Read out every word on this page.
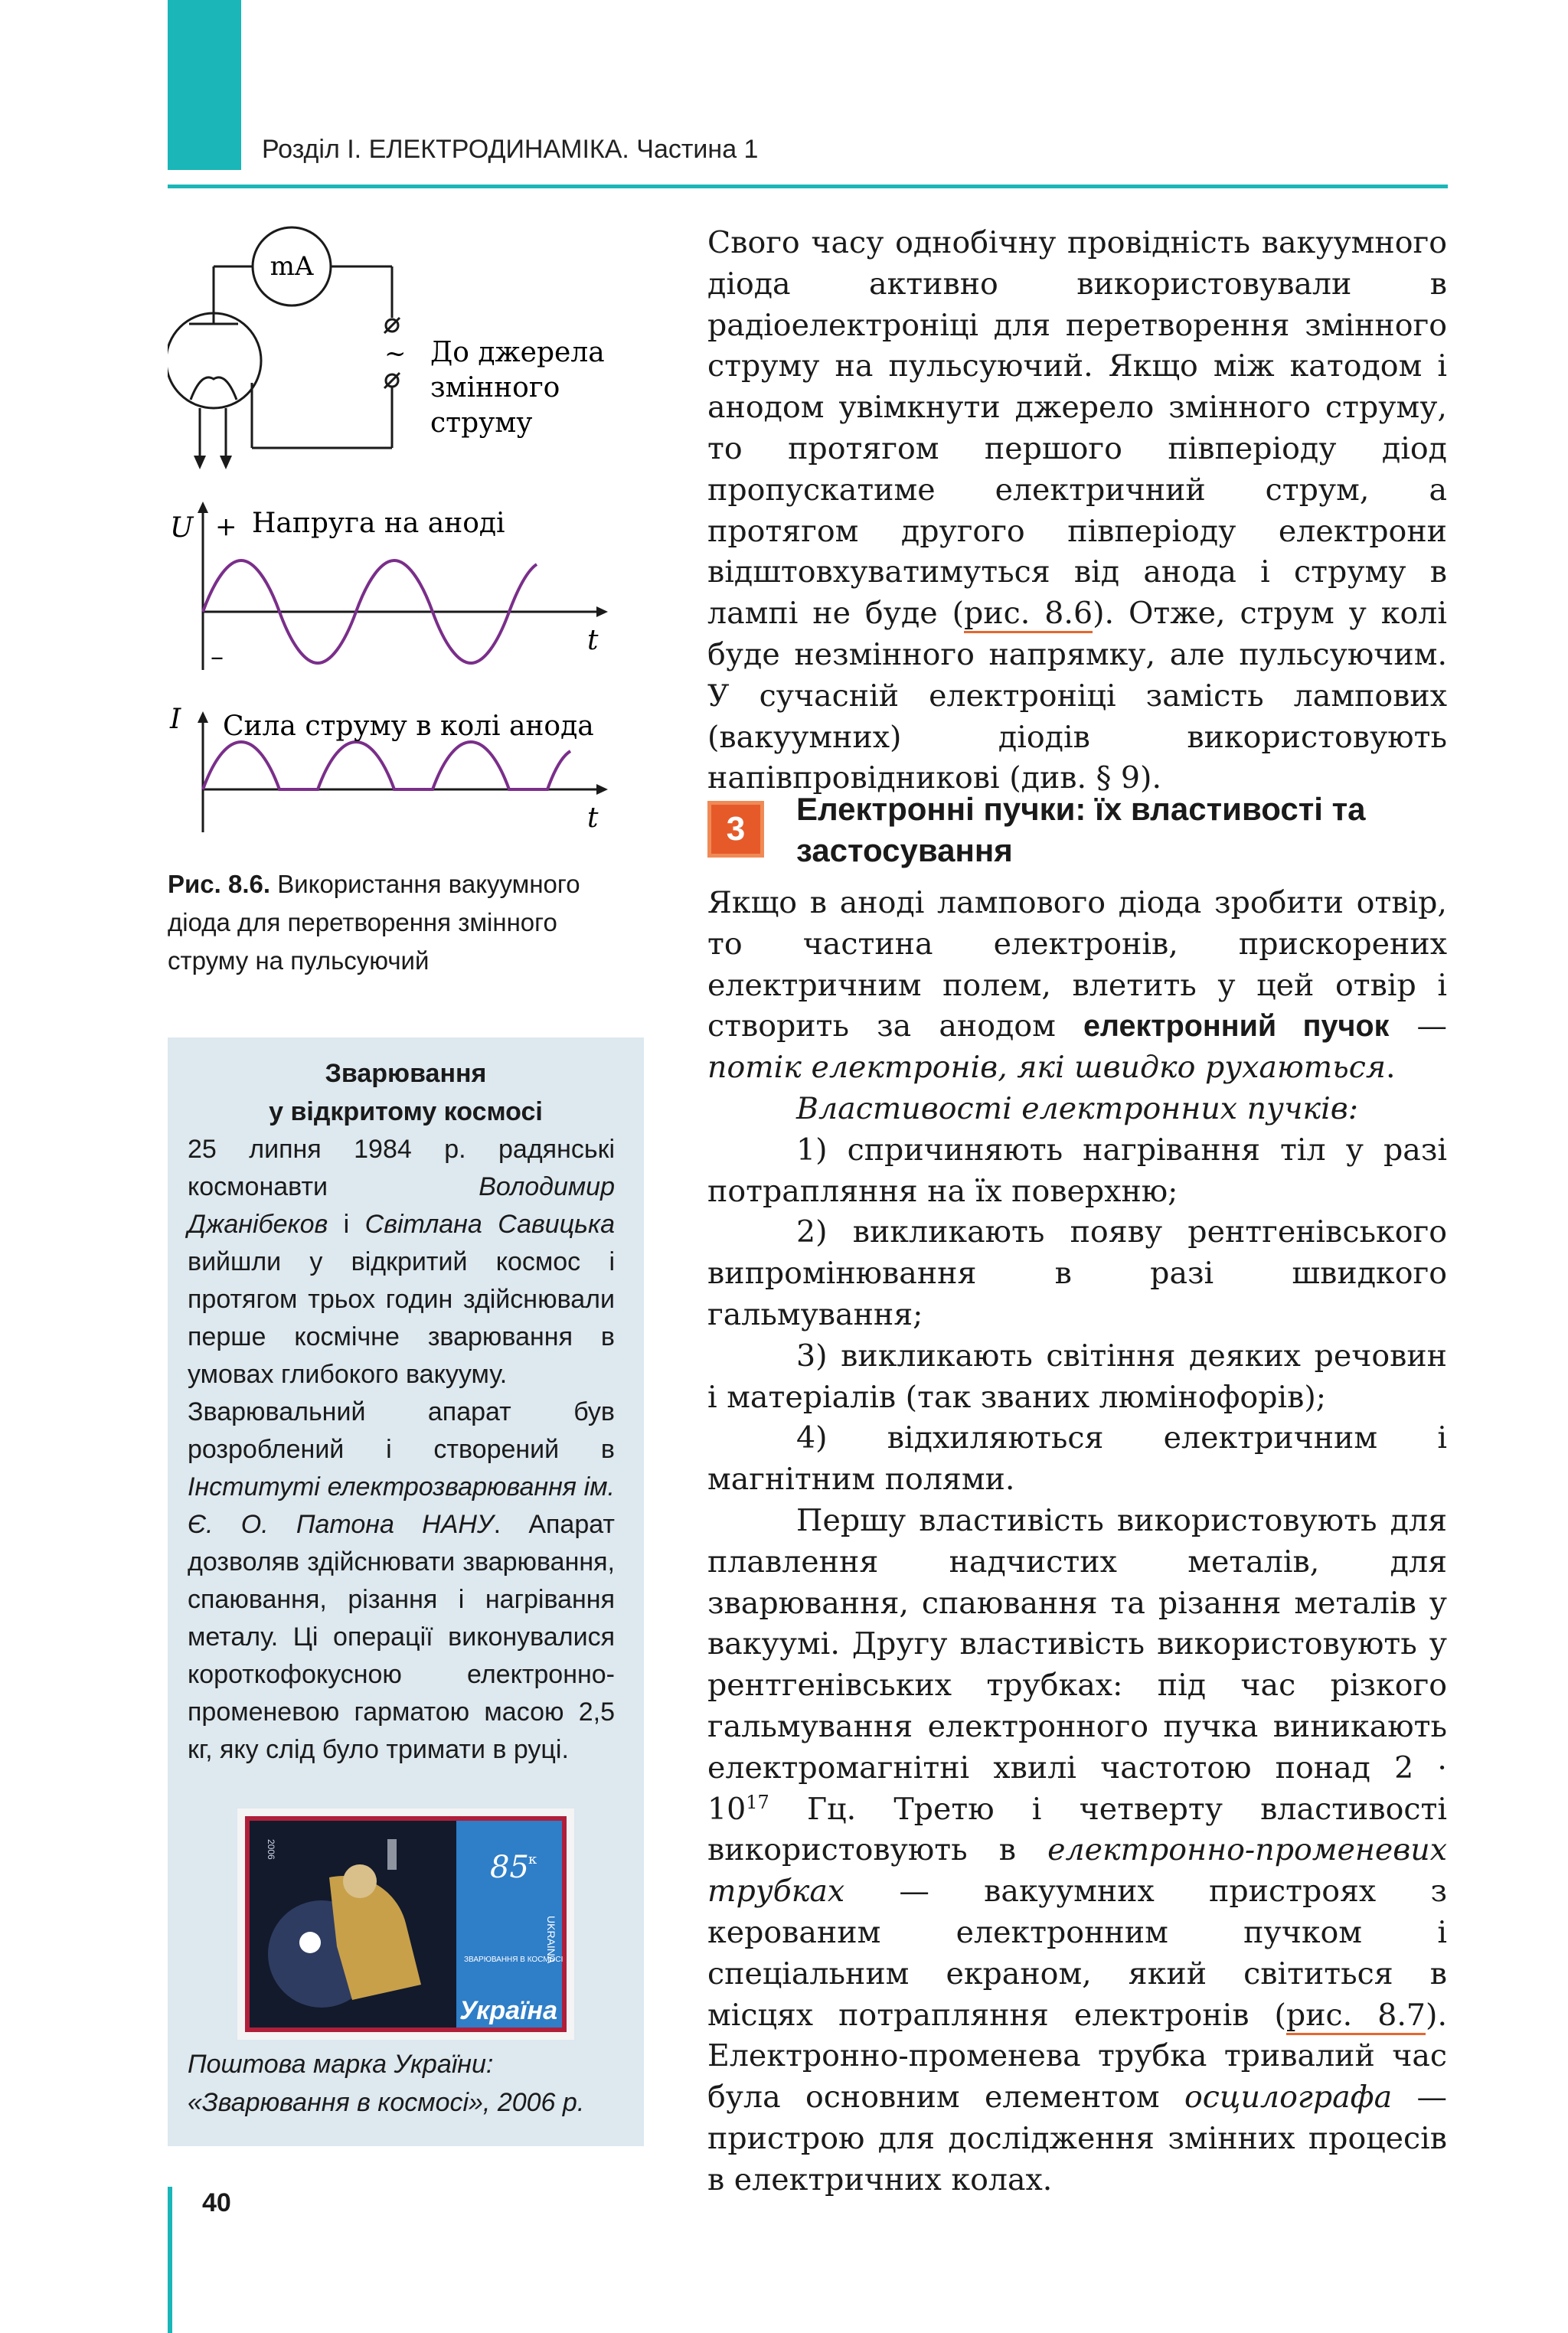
Розділ І. ЕЛЕКТРОДИНАМІКА. Частина 1
mA
~ До джерела
змінного
струму
U +
–
Напруга на аноді
t
I Сила струму в колі анода
t
Рис. 8.6. Використання вакуумного діода для перетворення змінного струму на пульсуючий
Зварювання
у відкритому космосі

25 липня 1984 р. радянські космонавти Володимир Джанібеков і Світлана Савицька вийшли у відкритий космос і протягом трьох годин здійснювали перше космічне зварювання в умовах глибокого вакууму.

Зварювальний апарат був розроблений і створений в Інституті електрозварювання ім. Є. О. Патона НАНУ. Апарат дозволяв здійснювати зварювання, спаювання, різання і нагрівання металу. Ці операції виконувалися короткофокусною електронно-променевою гарматою масою 2,5 кг, яку слід було тримати в руці.

85 к
UKRAINA
ЗВАРЮВАННЯ В КОСМОСІ
2006
Україна
Поштова марка України:
«Зварювання в космосі», 2006 р.

Свого часу однобічну провідність вакуумного діода активно використовували в радіоелектроніці для перетворення змінного струму на пульсуючий. Якщо між катодом і анодом увімкнути джерело змінного струму, то протягом першого півперіоду діод пропускатиме електричний струм, а протягом другого півперіоду електрони відштовхуватимуться від анода і струму в лампі не буде (рис. 8.6). Отже, струм у колі буде незмінного напрямку, але пульсуючим. У сучасній електроніці замість лампових (вакуумних) діодів використовують напівпровідникові (див. § 9).

3
Електронні пучки: їх властивості та застосування

Якщо в аноді лампового діода зробити отвір, то частина електронів, прискорених електричним полем, влетить у цей отвір і створить за анодом електронний пучок — потік електронів, які швидко рухаються.

Властивості електронних пучків:

1) спричиняють нагрівання тіл у разі потрапляння на їх поверхню;

2) викликають появу рентгенівського випромінювання в разі швидкого гальмування;

3) викликають світіння деяких речовин і матеріалів (так званих люмінофорів);

4) відхиляються електричним і магнітним полями.

Першу властивість використовують для плавлення надчистих металів, для зварювання, спаювання та різання металів у вакуумі. Другу властивість використовують у рентгенівських трубках: під час різкого гальмування електронного пучка виникають електромагнітні хвилі частотою понад $2 \cdot 10^{17}$ Гц. Третю і четверту властивості використовують в електронно-променевих трубках — вакуумних пристроях з керованим електронним пучком і спеціальним екраном, який світиться в місцях потрапляння електронів (рис. 8.7). Електронно-променева трубка тривалий час була основним елементом осцилографа — пристрою для дослідження змінних процесів в електричних колах.

40
